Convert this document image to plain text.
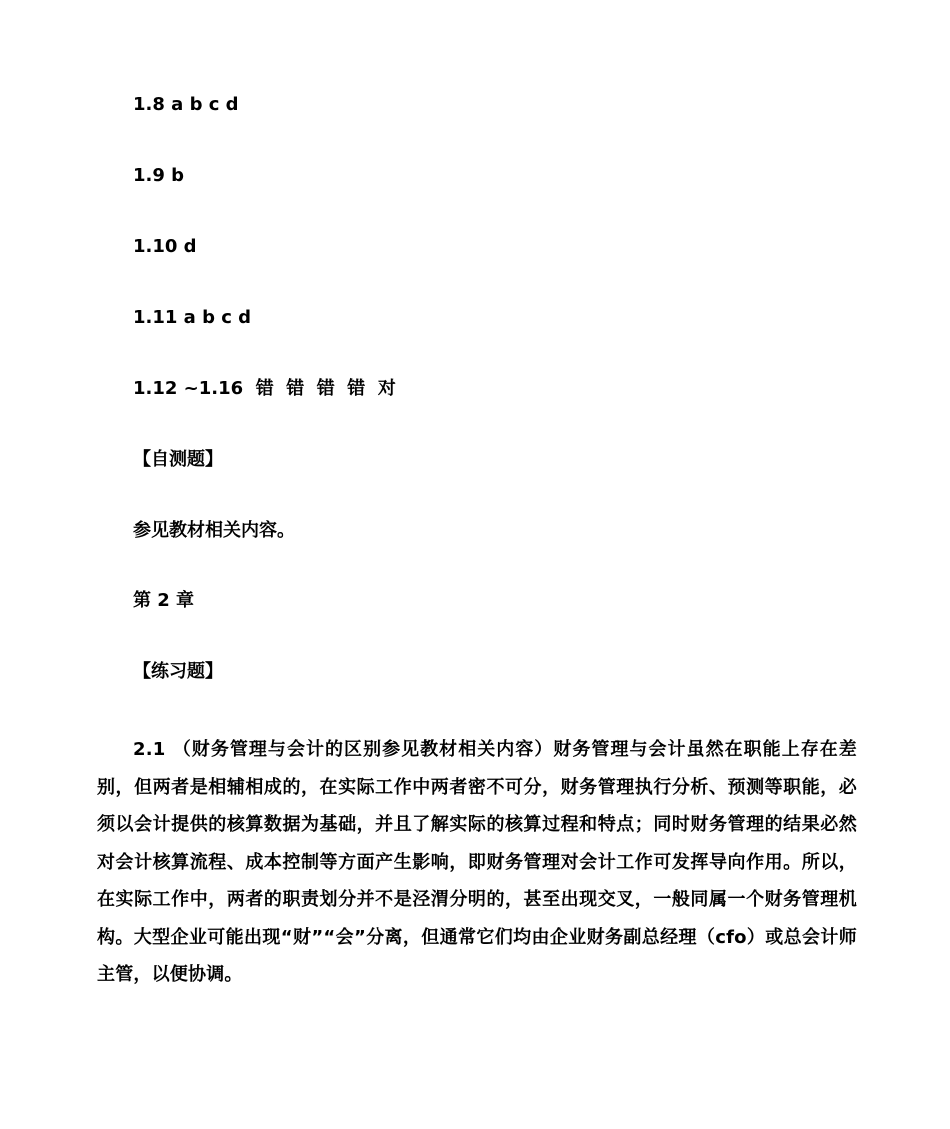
1.8 a b c d
1.9 b
1.10 d
1.11 a b c d
1.12 ~1.16  错  错  错  错  对
【自测题】
参见教材相关内容。
第 2 章
【练习题】
2.1 （财务管理与会计的区别参见教材相关内容）财务管理与会计虽然在职能上存在差别，但两者是相辅相成的，在实际工作中两者密不可分，财务管理执行分析、预测等职能，必须以会计提供的核算数据为基础，并且了解实际的核算过程和特点；同时财务管理的结果必然对会计核算流程、成本控制等方面产生影响，即财务管理对会计工作可发挥导向作用。所以，在实际工作中，两者的职责划分并不是泾渭分明的，甚至出现交叉，一般同属一个财务管理机构。大型企业可能出现“财”“会”分离，但通常它们均由企业财务副总经理（cfo）或总会计师主管，以便协调。
